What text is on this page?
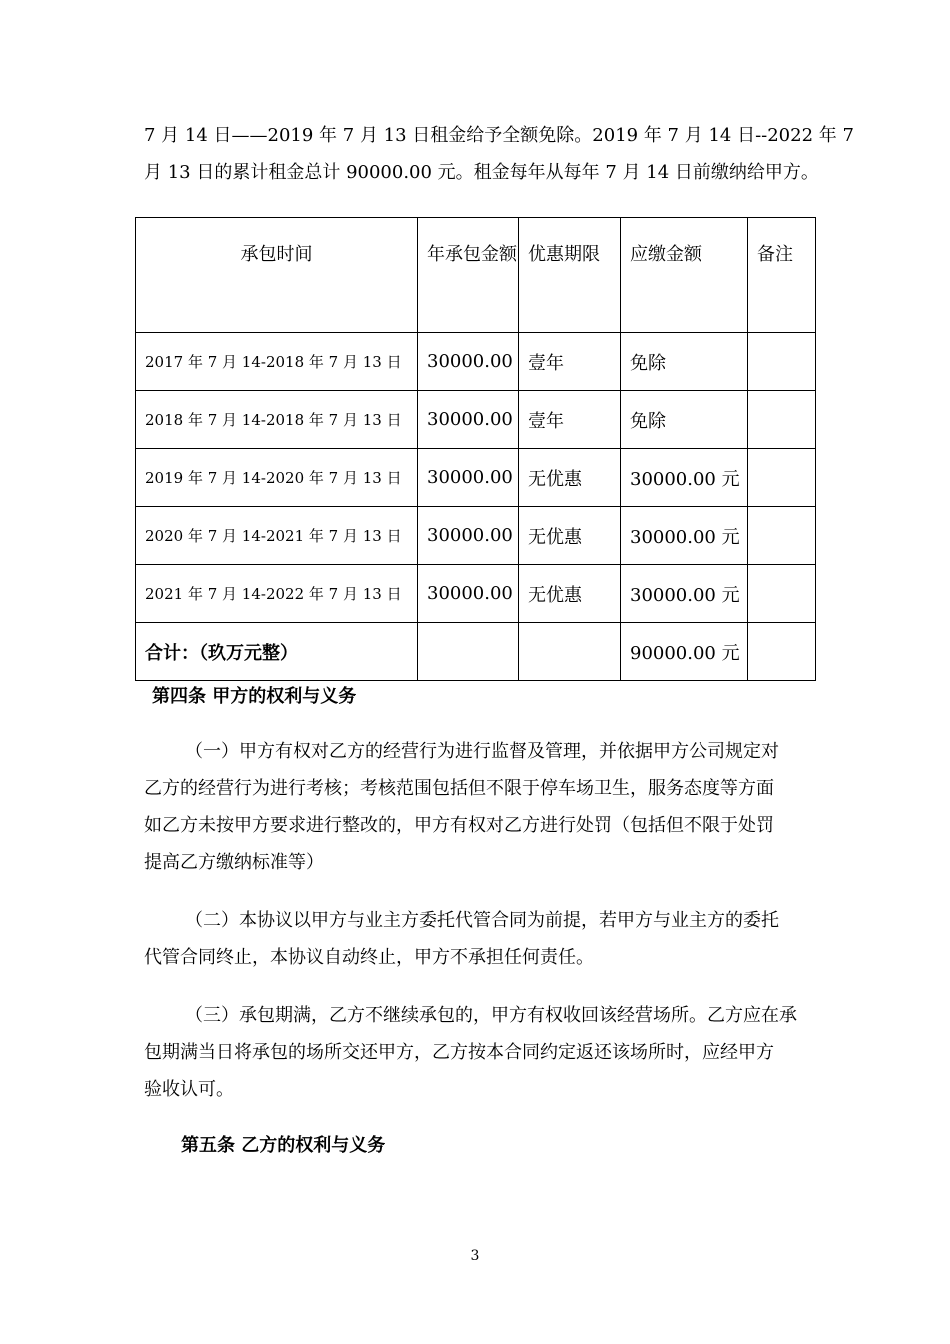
7 月 14 日——2019 年 7 月 13 日租金给予全额免除。2019 年 7 月 14 日--2022 年 7
月 13 日的累计租金总计 90000.00 元。租金每年从每年 7 月 14 日前缴纳给甲方。
承包时间	年承包金额	优惠期限	应缴金额	备注
2017 年 7 月 14-2018 年 7 月 13 日	30000.00	壹年	免除	
2018 年 7 月 14-2018 年 7 月 13 日	30000.00	壹年	免除	
2019 年 7 月 14-2020 年 7 月 13 日	30000.00	无优惠	30000.00 元	
2020 年 7 月 14-2021 年 7 月 13 日	30000.00	无优惠	30000.00 元	
2021 年 7 月 14-2022 年 7 月 13 日	30000.00	无优惠	30000.00 元	
合计：（玖万元整）			90000.00 元	

第四条 甲方的权利与义务

（一）甲方有权对乙方的经营行为进行监督及管理，并依据甲方公司规定对
乙方的经营行为进行考核；考核范围包括但不限于停车场卫生，服务态度等方面
如乙方未按甲方要求进行整改的，甲方有权对乙方进行处罚（包括但不限于处罚
提高乙方缴纳标准等）
（二）本协议以甲方与业主方委托代管合同为前提，若甲方与业主方的委托
代管合同终止，本协议自动终止，甲方不承担任何责任。
（三）承包期满，乙方不继续承包的，甲方有权收回该经营场所。乙方应在承
包期满当日将承包的场所交还甲方，乙方按本合同约定返还该场所时，应经甲方
验收认可。

第五条 乙方的权利与义务

3
